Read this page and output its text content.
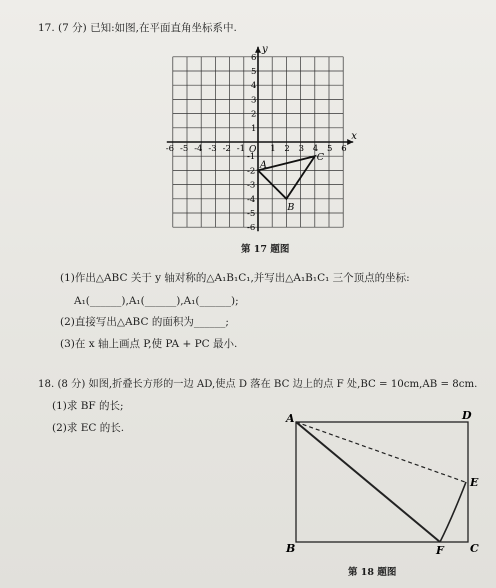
17. (7 分) 已知:如图,在平面直角坐标系中.
x
y
O
-6 -5 -4 -3 -2 -1	1 2 3 4 5 6
6
5
4
3
2
1
-1
-2
-3
-4
-5
-6
A
B
C
第 17 题图
(1)作出△ABC 关于 y 轴对称的△A₁B₁C₁,并写出△A₁B₁C₁ 三个顶点的坐标:
A₁(______),A₁(______),A₁(______);
(2)直接写出△ABC 的面积为______;
(3)在 x 轴上画点 P,使 PA + PC 最小.
18. (8 分) 如图,折叠长方形的一边 AD,使点 D 落在 BC 边上的点 F 处,BC = 10cm,AB = 8cm.
(1)求 BF 的长;
(2)求 EC 的长.
A	D
B	C
E
F
第 18 题图
